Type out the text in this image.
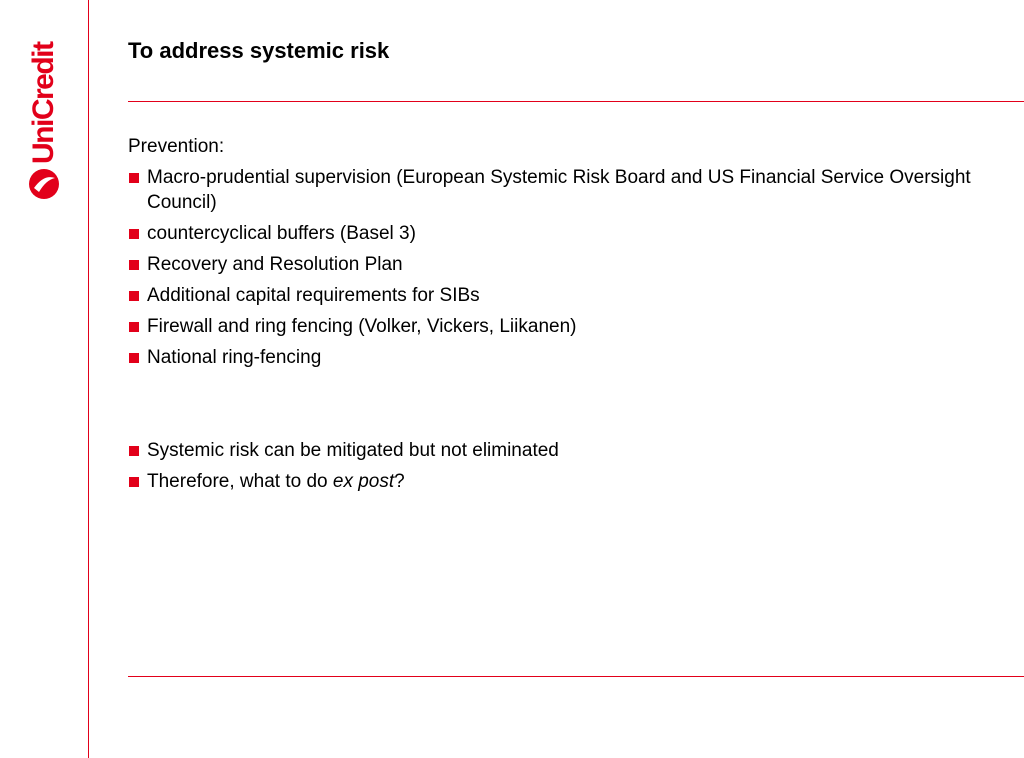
UniCredit	To address systemic risk

Prevention:

Macro-prudential supervision (European Systemic Risk Board and US Financial Service Oversight Council)
countercyclical buffers (Basel 3)
Recovery and Resolution Plan
Additional capital requirements for SIBs
Firewall and ring fencing (Volker, Vickers, Liikanen)
National ring-fencing
Systemic risk can be mitigated but not eliminated
Therefore, what to do ex post?
